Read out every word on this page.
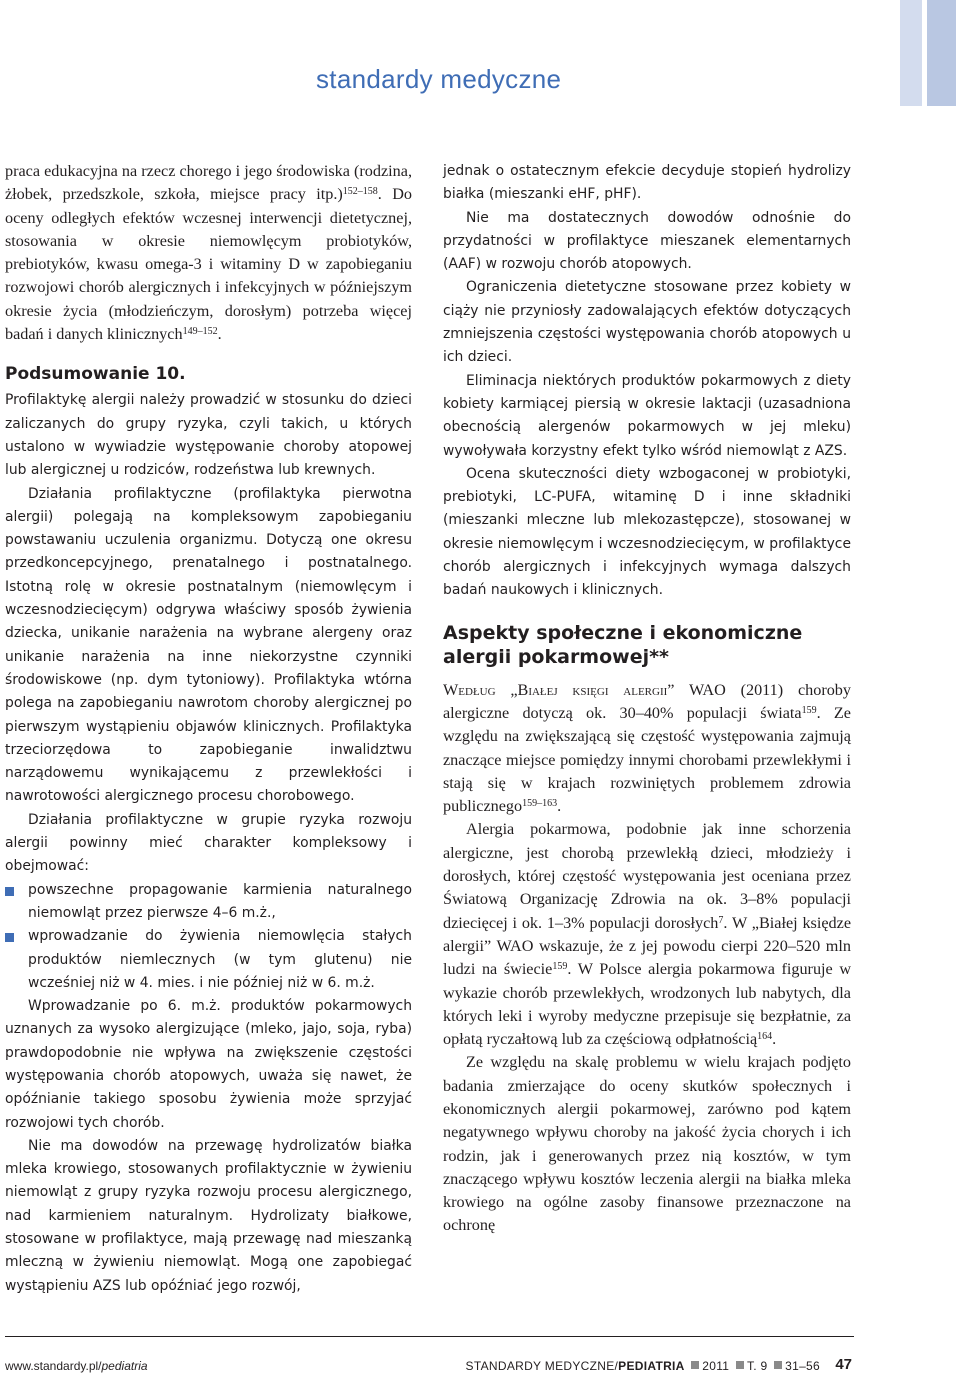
standardy medyczne

praca edukacyjna na rzecz chorego i jego środowiska (rodzina, żłobek, przedszkole, szkoła, miejsce pracy itp.)$^{152-158}$. Do oceny odległych efektów wczesnej interwencji dietetycznej, stosowania w okresie niemowlęcym probiotyków, prebiotyków, kwasu omega-3 i witaminy D w zapobieganiu rozwojowi chorób alergicznych i infekcyjnych w późniejszym okresie życia (młodzieńczym, dorosłym) potrzeba więcej badań i danych klinicznych$^{149-152}$.

Podsumowanie 10.

Profilaktykę alergii należy prowadzić w stosunku do dzieci zaliczanych do grupy ryzyka, czyli takich, u których ustalono w wywiadzie występowanie choroby atopowej lub alergicznej u rodziców, rodzeństwa lub krewnych.

Działania profilaktyczne (profilaktyka pierwotna alergii) polegają na kompleksowym zapobieganiu powstawaniu uczulenia organizmu. Dotyczą one okresu przedkoncepcyjnego, prenatalnego i postnatalnego. Istotną rolę w okresie postnatalnym (niemowlęcym i wczesnodziecięcym) odgrywa właściwy sposób żywienia dziecka, unikanie narażenia na wybrane alergeny oraz unikanie narażenia na inne niekorzystne czynniki środowiskowe (np. dym tytoniowy). Profilaktyka wtórna polega na zapobieganiu nawrotom choroby alergicznej po pierwszym wystąpieniu objawów klinicznych. Profilaktyka trzeciorzędowa to zapobieganie inwalidztwu narządowemu wynikającemu z przewlekłości i nawrotowości alergicznego procesu chorobowego.

Działania profilaktyczne w grupie ryzyka rozwoju alergii powinny mieć charakter kompleksowy i obejmować:

powszechne propagowanie karmienia naturalnego niemowląt przez pierwsze 4–6 m.ż.,
wprowadzanie do żywienia niemowlęcia stałych produktów niemlecznych (w tym glutenu) nie wcześniej niż w 4. mies. i nie później niż w 6. m.ż.

Wprowadzanie po 6. m.ż. produktów pokarmowych uznanych za wysoko alergizujące (mleko, jajo, soja, ryba) prawdopodobnie nie wpływa na zwiększenie częstości występowania chorób atopowych, uważa się nawet, że opóźnianie takiego sposobu żywienia może sprzyjać rozwojowi tych chorób.

Nie ma dowodów na przewagę hydrolizatów białka mleka krowiego, stosowanych profilaktycznie w żywieniu niemowląt z grupy ryzyka rozwoju procesu alergicznego, nad karmieniem naturalnym. Hydrolizaty białkowe, stosowane w profilaktyce, mają przewagę nad mieszanką mleczną w żywieniu niemowląt. Mogą one zapobiegać wystąpieniu AZS lub opóźniać jego rozwój,

jednak o ostatecznym efekcie decyduje stopień hydrolizy białka (mieszanki eHF, pHF).

Nie ma dostatecznych dowodów odnośnie do przydatności w profilaktyce mieszanek elementarnych (AAF) w rozwoju chorób atopowych.

Ograniczenia dietetyczne stosowane przez kobiety w ciąży nie przyniosły zadowalających efektów dotyczących zmniejszenia częstości występowania chorób atopowych u ich dzieci.

Eliminacja niektórych produktów pokarmowych z diety kobiety karmiącej piersią w okresie laktacji (uzasadniona obecnością alergenów pokarmowych w jej mleku) wywoływała korzystny efekt tylko wśród niemowląt z AZS.

Ocena skuteczności diety wzbogaconej w probiotyki, prebiotyki, LC-PUFA, witaminę D i inne składniki (mieszanki mleczne lub mlekozastępcze), stosowanej w okresie niemowlęcym i wczesnodziecięcym, w profilaktyce chorób alergicznych i infekcyjnych wymaga dalszych badań naukowych i klinicznych.

Aspekty społeczne i ekonomiczne alergii pokarmowej**

Według „Białej księgi alergii” WAO (2011) choroby alergiczne dotyczą ok. 30–40% populacji świata$^{159}$. Ze względu na zwiększającą się częstość występowania zajmują znaczące miejsce pomiędzy innymi chorobami przewlekłymi i stają się w krajach rozwiniętych problemem zdrowia publicznego$^{159-163}$.

Alergia pokarmowa, podobnie jak inne schorzenia alergiczne, jest chorobą przewlekłą dzieci, młodzieży i dorosłych, której częstość występowania jest oceniana przez Światową Organizację Zdrowia na ok. 3–8% populacji dziecięcej i ok. 1–3% populacji dorosłych$^7$. W „Białej księdze alergii” WAO wskazuje, że z jej powodu cierpi 220–520 mln ludzi na świecie$^{159}$. W Polsce alergia pokarmowa figuruje w wykazie chorób przewlekłych, wrodzonych lub nabytych, dla których leki i wyroby medyczne przepisuje się bezpłatnie, za opłatą ryczałtową lub za częściową odpłatnością$^{164}$.

Ze względu na skalę problemu w wielu krajach podjęto badania zmierzające do oceny skutków społecznych i ekonomicznych alergii pokarmowej, zarówno pod kątem negatywnego wpływu choroby na jakość życia chorych i ich rodzin, jak i generowanych przez nią kosztów, w tym znaczącego wpływu kosztów leczenia alergii na białka mleka krowiego na ogólne zasoby finansowe przeznaczone na ochronę

www.standardy.pl/pediatria	STANDARDY MEDYCZNE/PEDIATRIA 2011 T. 9 31–56 47
